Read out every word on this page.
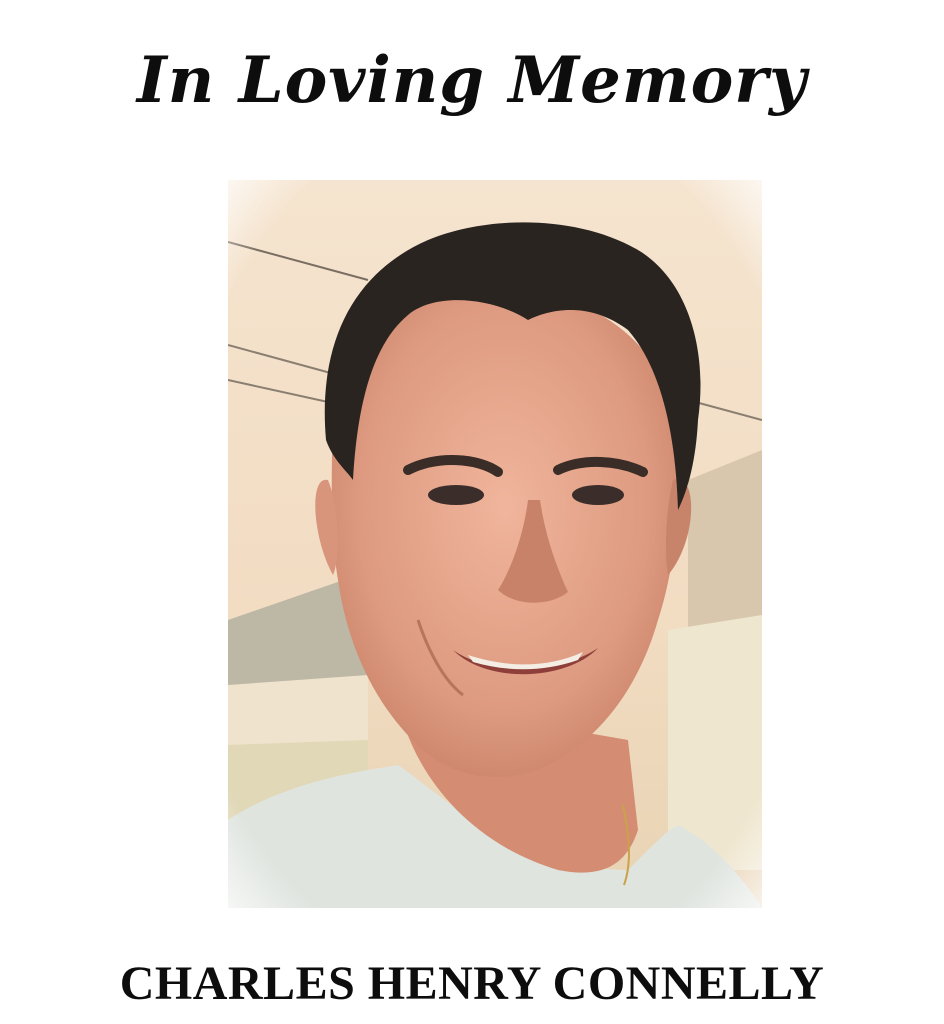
In Loving Memory
CHARLES HENRY CONNELLY
